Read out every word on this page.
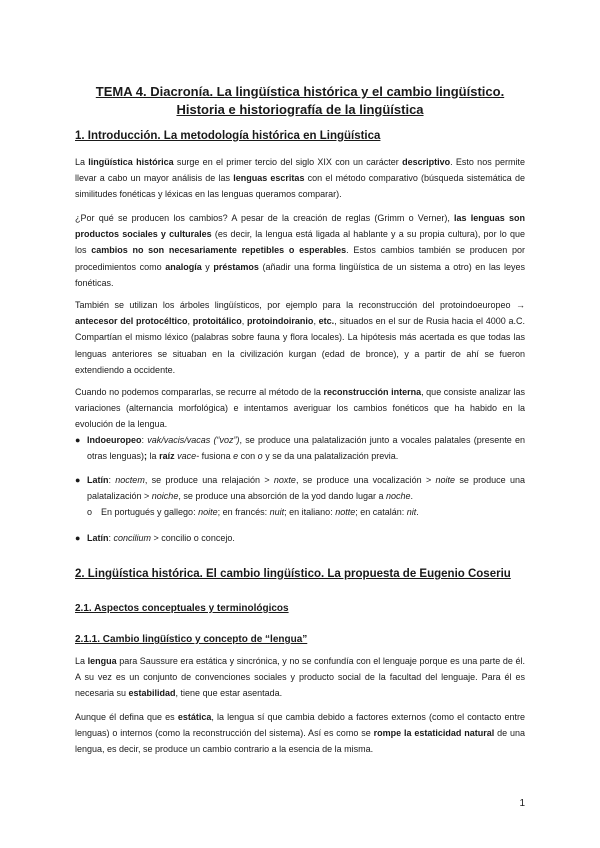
TEMA 4. Diacronía. La lingüística histórica y el cambio lingüístico. Historia e historiografía de la lingüística
1. Introducción. La metodología histórica en Lingüística

La lingüística histórica surge en el primer tercio del siglo XIX con un carácter descriptivo. Esto nos permite llevar a cabo un mayor análisis de las lenguas escritas con el método comparativo (búsqueda sistemática de similitudes fonéticas y léxicas en las lenguas queramos comparar).

¿Por qué se producen los cambios? A pesar de la creación de reglas (Grimm o Verner), las lenguas son productos sociales y culturales (es decir, la lengua está ligada al hablante y a su propia cultura), por lo que los cambios no son necesariamente repetibles o esperables. Estos cambios también se producen por procedimientos como analogía y préstamos (añadir una forma lingüística de un sistema a otro) en las leyes fonéticas.

También se utilizan los árboles lingüísticos, por ejemplo para la reconstrucción del protoindoeuropeo → antecesor del protocéltico, protoitálico, protoindoiranio, etc., situados en el sur de Rusia hacia el 4000 a.C. Compartían el mismo léxico (palabras sobre fauna y flora locales). La hipótesis más acertada es que todas las lenguas anteriores se situaban en la civilización kurgan (edad de bronce), y a partir de ahí se fueron extendiendo a occidente.

Cuando no podemos compararlas, se recurre al método de la reconstrucción interna, que consiste analizar las variaciones (alternancia morfológica) e intentamos averiguar los cambios fonéticos que ha habido en la evolución de la lengua.

● Indoeuropeo: vak/vacis/vacas (“voz”), se produce una palatalización junto a vocales palatales (presente en otras lenguas); la raíz vace- fusiona e con o y se da una palatalización previa.
● Latín: noctem, se produce una relajación > noxte, se produce una vocalización > noite se produce una palatalización > noiche, se produce una absorción de la yod dando lugar a noche.
o En portugués y gallego: noite; en francés: nuit; en italiano: notte; en catalán: nit.
● Latín: concilium > concilio o concejo.
2. Lingüística histórica. El cambio lingüístico. La propuesta de Eugenio Coseriu
2.1. Aspectos conceptuales y terminológicos
2.1.1. Cambio lingüístico y concepto de “lengua”

La lengua para Saussure era estática y sincrónica, y no se confundía con el lenguaje porque es una parte de él. A su vez es un conjunto de convenciones sociales y producto social de la facultad del lenguaje. Para él es necesaria su estabilidad, tiene que estar asentada.

Aunque él defina que es estática, la lengua sí que cambia debido a factores externos (como el contacto entre lenguas) o internos (como la reconstrucción del sistema). Así es como se rompe la estaticidad natural de una lengua, es decir, se produce un cambio contrario a la esencia de la misma.

1
